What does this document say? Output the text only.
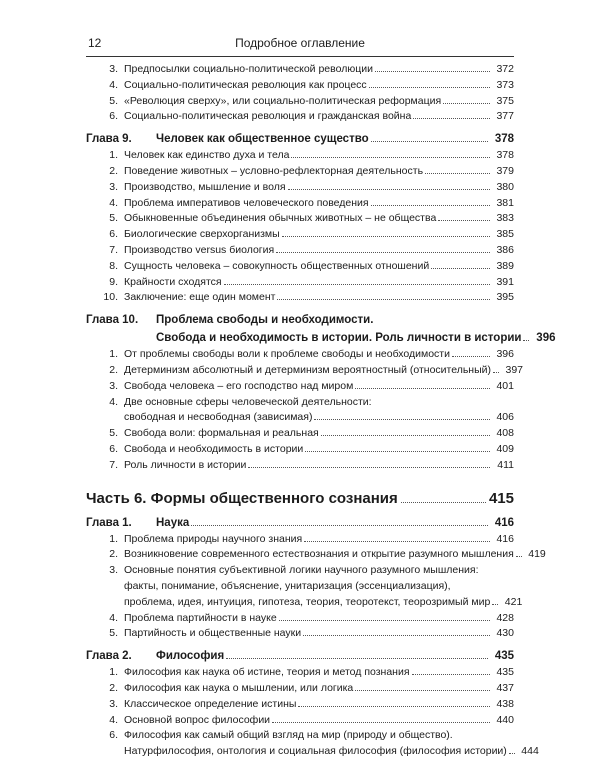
12	Подробное оглавление
3. Предпосылки социально-политической революции	372
4. Социально-политическая революция как процесс	373
5. «Революция сверху», или социально-политическая реформация	375
6. Социально-политическая революция и гражданская война	377
Глава 9.	Человек как общественное существо	378
1. Человек как единство духа и тела	378
2. Поведение животных – условно-рефлекторная деятельность	379
3. Производство, мышление и воля	380
4. Проблема императивов человеческого поведения	381
5. Обыкновенные объединения обычных животных – не общества	383
6. Биологические сверхорганизмы	385
7. Производство versus биология	386
8. Сущность человека – совокупность общественных отношений	389
9. Крайности сходятся	391
10. Заключение: еще один момент	395
Глава 10.	Проблема свободы и необходимости.
Свобода и необходимость в истории. Роль личности в истории	396
1. От проблемы свободы воли к проблеме свободы и необходимости	396
2. Детерминизм абсолютный и детерминизм вероятностный (относительный)	397
3. Свобода человека – его господство над миром	401
4. Две основные сферы человеческой деятельности:
свободная и несвободная (зависимая)	406
5. Свобода воли: формальная и реальная	408
6. Свобода и необходимость в истории	409
7. Роль личности в истории	411
Часть 6. Формы общественного сознания	415
Глава 1.	Наука	416
1. Проблема природы научного знания	416
2. Возникновение современного естествознания и открытие разумного мышления	419
3. Основные понятия субъективной логики научного разумного мышления:
факты, понимание, объяснение, унитаризация (эссенциализация),
проблема, идея, интуиция, гипотеза, теория, теоротекст, теорозримый мир	421
4. Проблема партийности в науке	428
5. Партийность и общественные науки	430
Глава 2.	Философия	435
1. Философия как наука об истине, теория и метод познания	435
2. Философия как наука о мышлении, или логика	437
3. Классическое определение истины	438
4. Основной вопрос философии	440
6. Философия как самый общий взгляд на мир (природу и общество).
Натурфилософия, онтология и социальная философия (философия истории)	444
